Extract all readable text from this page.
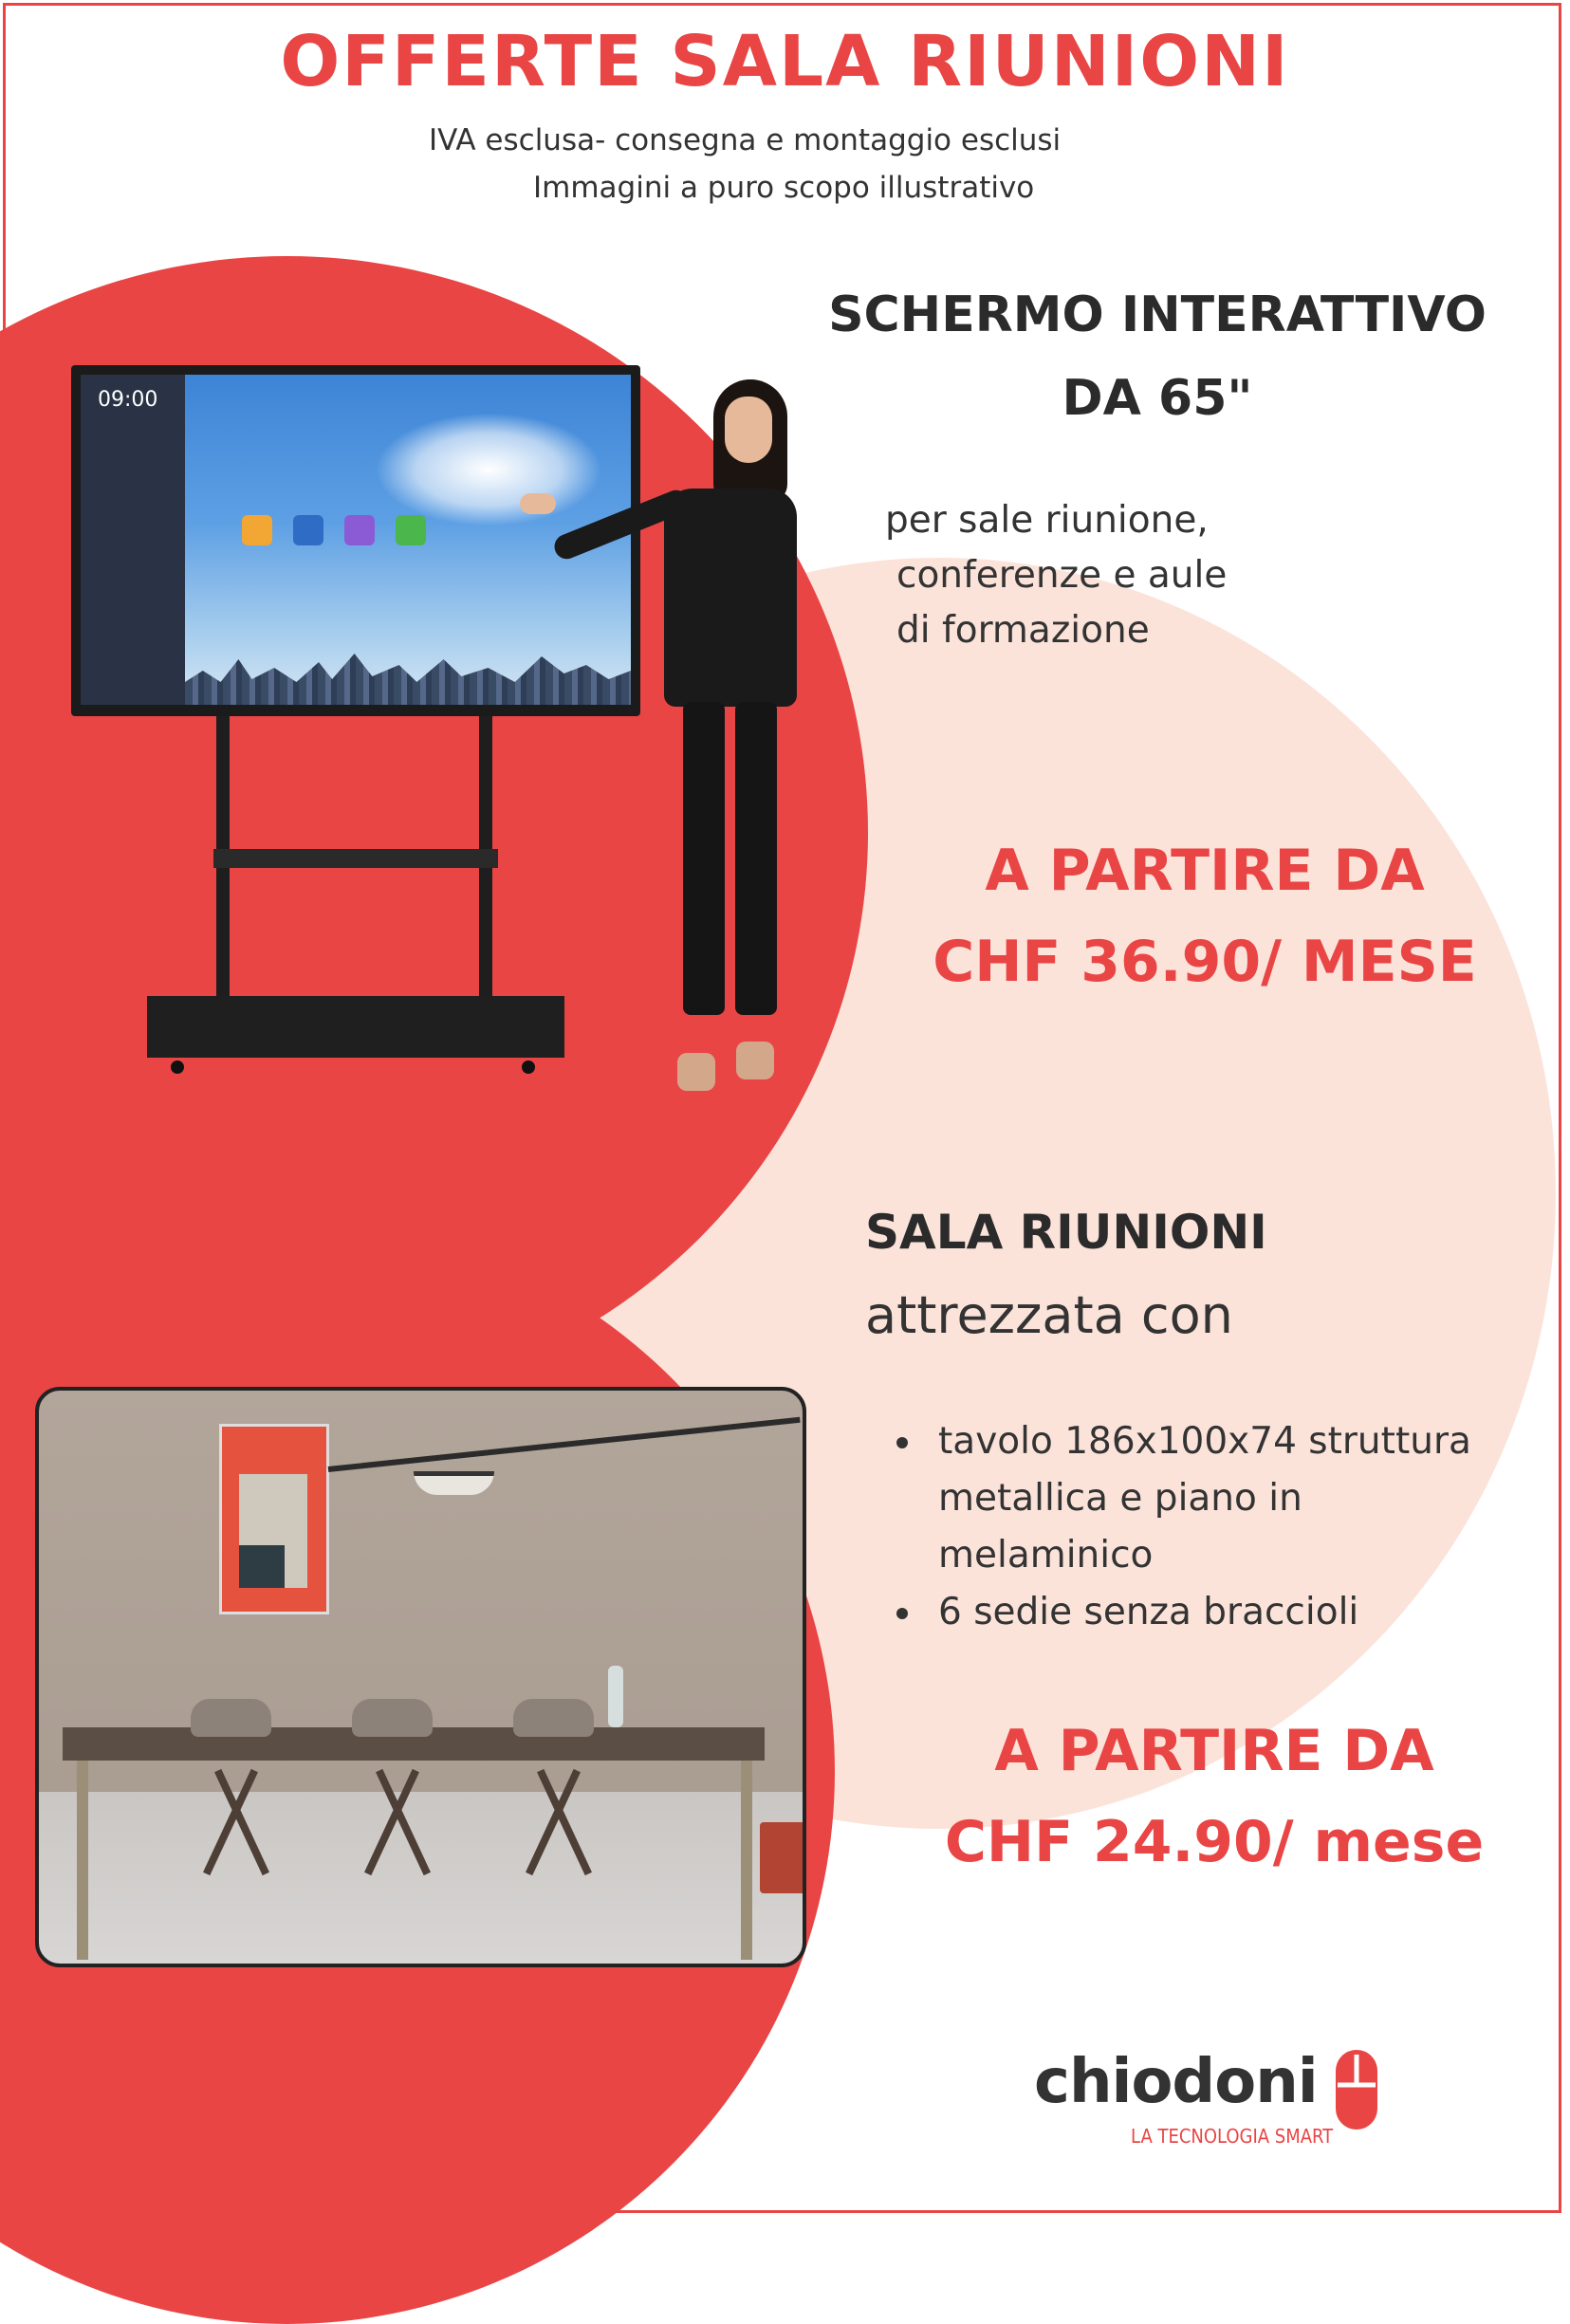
OFFERTE SALA RIUNIONI
IVA esclusa- consegna e montaggio esclusi
Immagini a puro scopo illustrativo
09:00
SCHERMO INTERATTIVO
DA 65"
per sale riunione,
conferenze e aule
di formazione
A PARTIRE DA
CHF 36.90/ MESE
SALA RIUNIONI
attrezzata con
tavolo 186x100x74 struttura metallica e piano in melaminico
6 sedie senza braccioli
A PARTIRE DA
CHF 24.90/ mese
chiodoni
LA TECNOLOGIA SMART
